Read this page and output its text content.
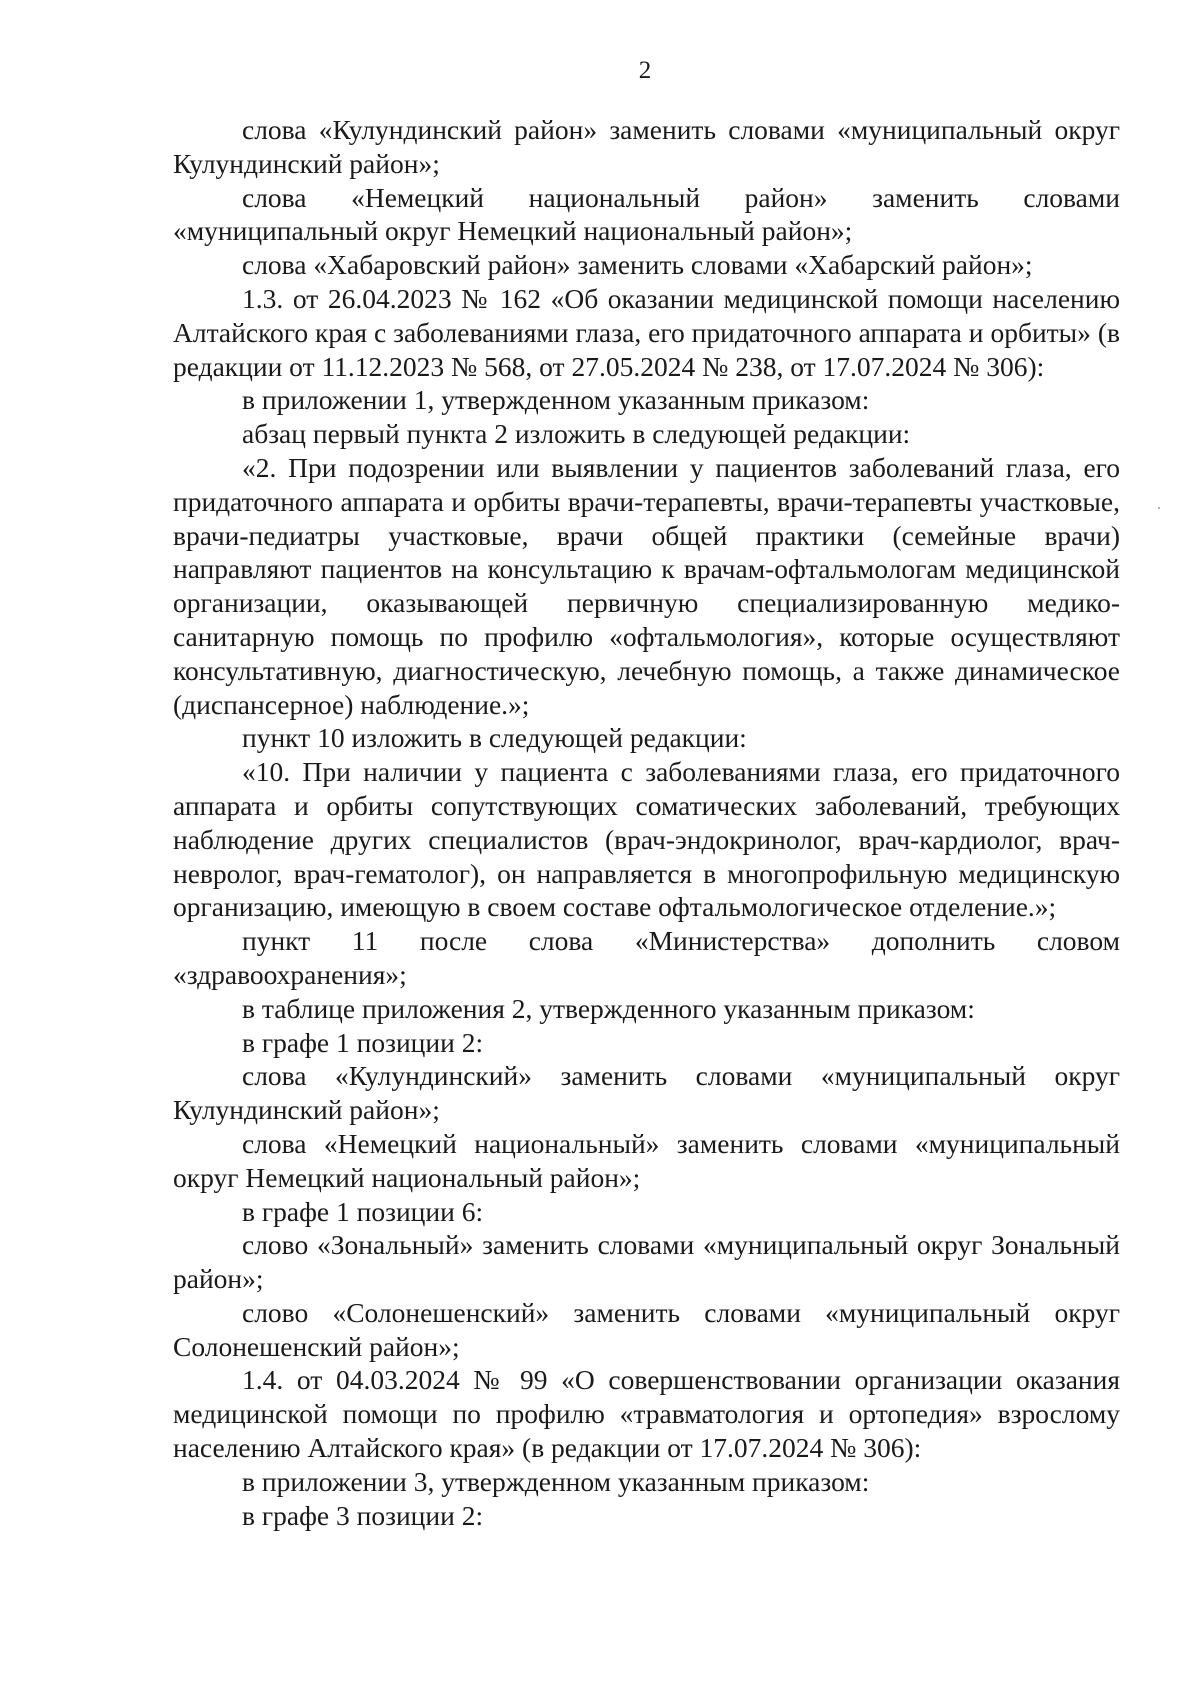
2

слова «Кулундинский район» заменить словами «муниципальный округ Кулундинский район»;

слова «Немецкий национальный район» заменить словами «муниципальный округ Немецкий национальный район»;

слова «Хабаровский район» заменить словами «Хабарский район»;

1.3. от 26.04.2023 № 162 «Об оказании медицинской помощи населению Алтайского края с заболеваниями глаза, его придаточного аппарата и орбиты» (в редакции от 11.12.2023 № 568, от 27.05.2024 № 238, от 17.07.2024 № 306):

в приложении 1, утвержденном указанным приказом:

абзац первый пункта 2 изложить в следующей редакции:

«2. При подозрении или выявлении у пациентов заболеваний глаза, его придаточного аппарата и орбиты врачи-терапевты, врачи-терапевты участковые, врачи-педиатры участковые, врачи общей практики (семейные врачи) направляют пациентов на консультацию к врачам-офтальмологам медицинской организации, оказывающей первичную специализированную медико-санитарную помощь по профилю «офтальмология», которые осуществляют консультативную, диагностическую, лечебную помощь, а также динамическое (диспансерное) наблюдение.»;

пункт 10 изложить в следующей редакции:

«10. При наличии у пациента с заболеваниями глаза, его придаточного аппарата и орбиты сопутствующих соматических заболеваний, требующих наблюдение других специалистов (врач-эндокринолог, врач-кардиолог, врач-невролог, врач-гематолог), он направляется в многопрофильную медицинскую организацию, имеющую в своем составе офтальмологическое отделение.»;

пункт 11 после слова «Министерства» дополнить словом «здравоохранения»;

в таблице приложения 2, утвержденного указанным приказом:

в графе 1 позиции 2:

слова «Кулундинский» заменить словами «муниципальный округ Кулундинский район»;

слова «Немецкий национальный» заменить словами «муниципальный округ Немецкий национальный район»;

в графе 1 позиции 6:

слово «Зональный» заменить словами «муниципальный округ Зональный район»;

слово «Солонешенский» заменить словами «муниципальный округ Солонешенский район»;

1.4. от 04.03.2024 № 99 «О совершенствовании организации оказания медицинской помощи по профилю «травматология и ортопедия» взрослому населению Алтайского края» (в редакции от 17.07.2024 № 306):

в приложении 3, утвержденном указанным приказом:

в графе 3 позиции 2:
